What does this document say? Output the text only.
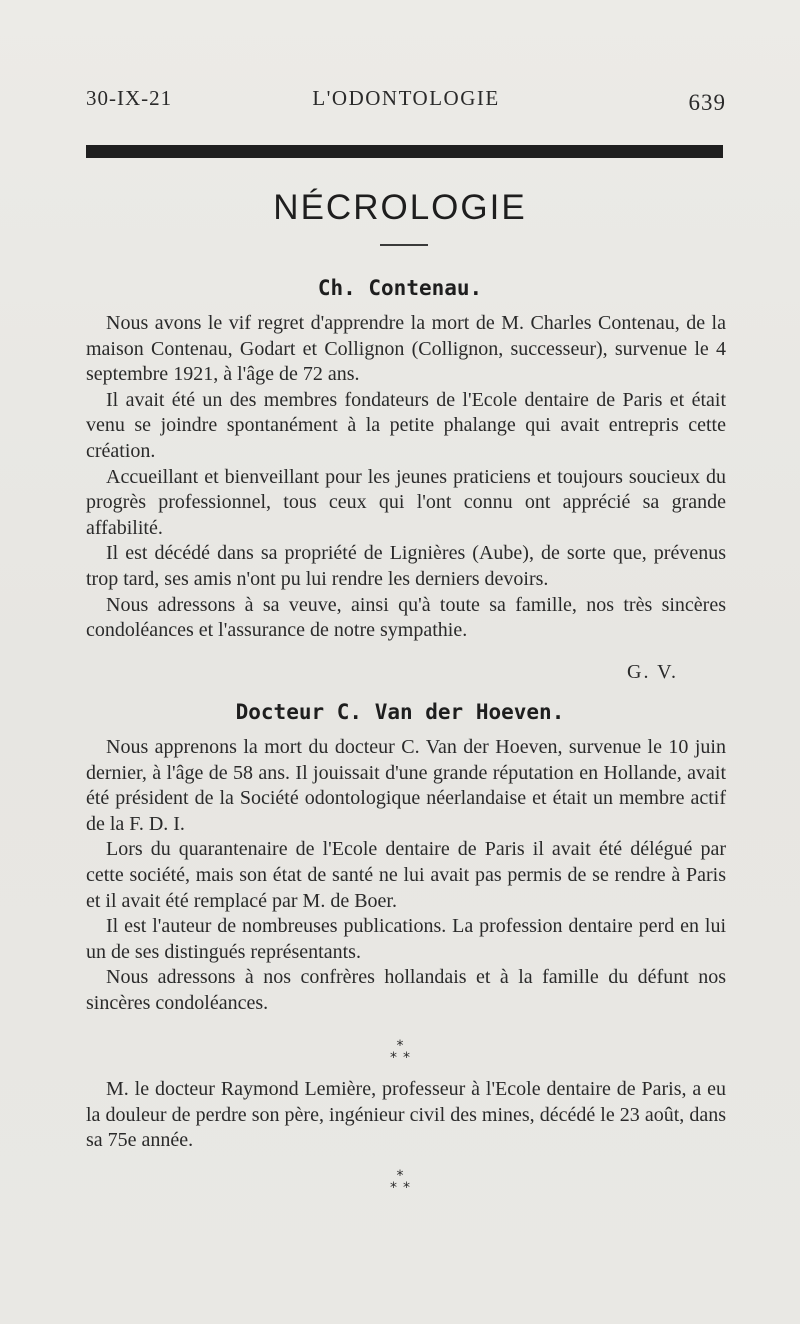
30-IX-21	L'ODONTOLOGIE	639
NÉCROLOGIE
Ch. Contenau.

Nous avons le vif regret d'apprendre la mort de M. Charles Contenau, de la maison Contenau, Godart et Collignon (Collignon, successeur), survenue le 4 septembre 1921, à l'âge de 72 ans.

Il avait été un des membres fondateurs de l'Ecole dentaire de Paris et était venu se joindre spontanément à la petite phalange qui avait entrepris cette création.

Accueillant et bienveillant pour les jeunes praticiens et toujours soucieux du progrès professionnel, tous ceux qui l'ont connu ont apprécié sa grande affabilité.

Il est décédé dans sa propriété de Lignières (Aube), de sorte que, prévenus trop tard, ses amis n'ont pu lui rendre les derniers devoirs.

Nous adressons à sa veuve, ainsi qu'à toute sa famille, nos très sincères condoléances et l'assurance de notre sympathie.

G. V.
Docteur C. Van der Hoeven.

Nous apprenons la mort du docteur C. Van der Hoeven, survenue le 10 juin dernier, à l'âge de 58 ans. Il jouissait d'une grande réputation en Hollande, avait été président de la Société odontologique néerlandaise et était un membre actif de la F. D. I.

Lors du quarantenaire de l'Ecole dentaire de Paris il avait été délégué par cette société, mais son état de santé ne lui avait pas permis de se rendre à Paris et il avait été remplacé par M. de Boer.

Il est l'auteur de nombreuses publications. La profession dentaire perd en lui un de ses distingués représentants.

Nous adressons à nos confrères hollandais et à la famille du défunt nos sincères condoléances.

*
**

M. le docteur Raymond Lemière, professeur à l'Ecole dentaire de Paris, a eu la douleur de perdre son père, ingénieur civil des mines, décédé le 23 août, dans sa 75e année.

*
**
